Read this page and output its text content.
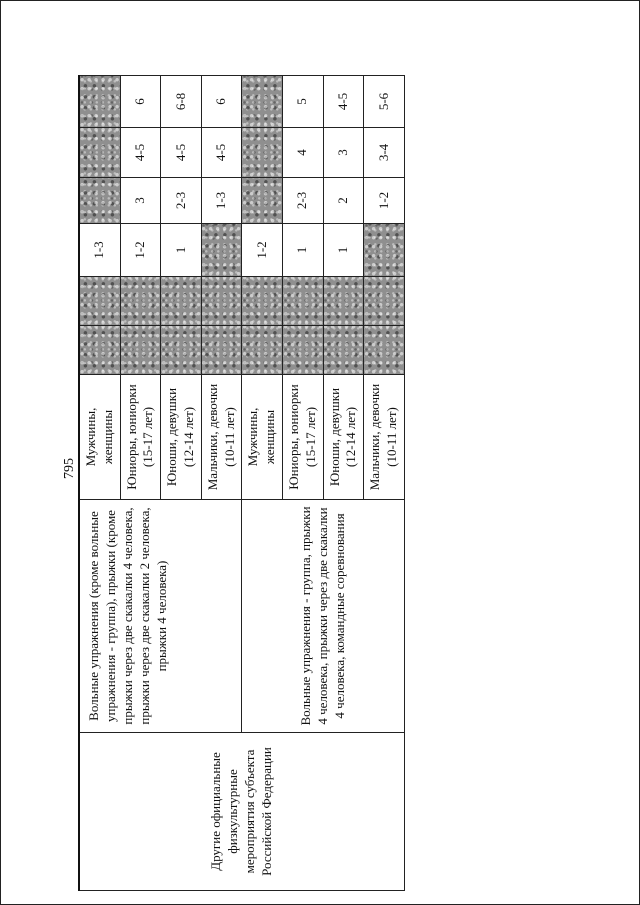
795
Другие официальные физкультурные мероприятия субъекта Российской Федерации	Вольные упражнения (кроме вольные упражнения - группа), прыжки (кроме прыжки через две скакалки 4 человека, прыжки через две скакалки 2 человека, прыжки 4 человека)	Мужчины, женщины			1-3			
		Юниоры, юниорки (15-17 лет)			1-2	3	4-5	6
		Юноши, девушки (12-14 лет)			1	2-3	4-5	6-8
		Мальчики, девочки (10-11 лет)				1-3	4-5	6
	Вольные упражнения - группа, прыжки 4 человека, прыжки через две скакалки 4 человека, командные соревнования	Мужчины, женщины			1-2			
		Юниоры, юниорки (15-17 лет)			1	2-3	4	5
		Юноши, девушки (12-14 лет)			1	2	3	4-5
		Мальчики, девочки (10-11 лет)				1-2	3-4	5-6
